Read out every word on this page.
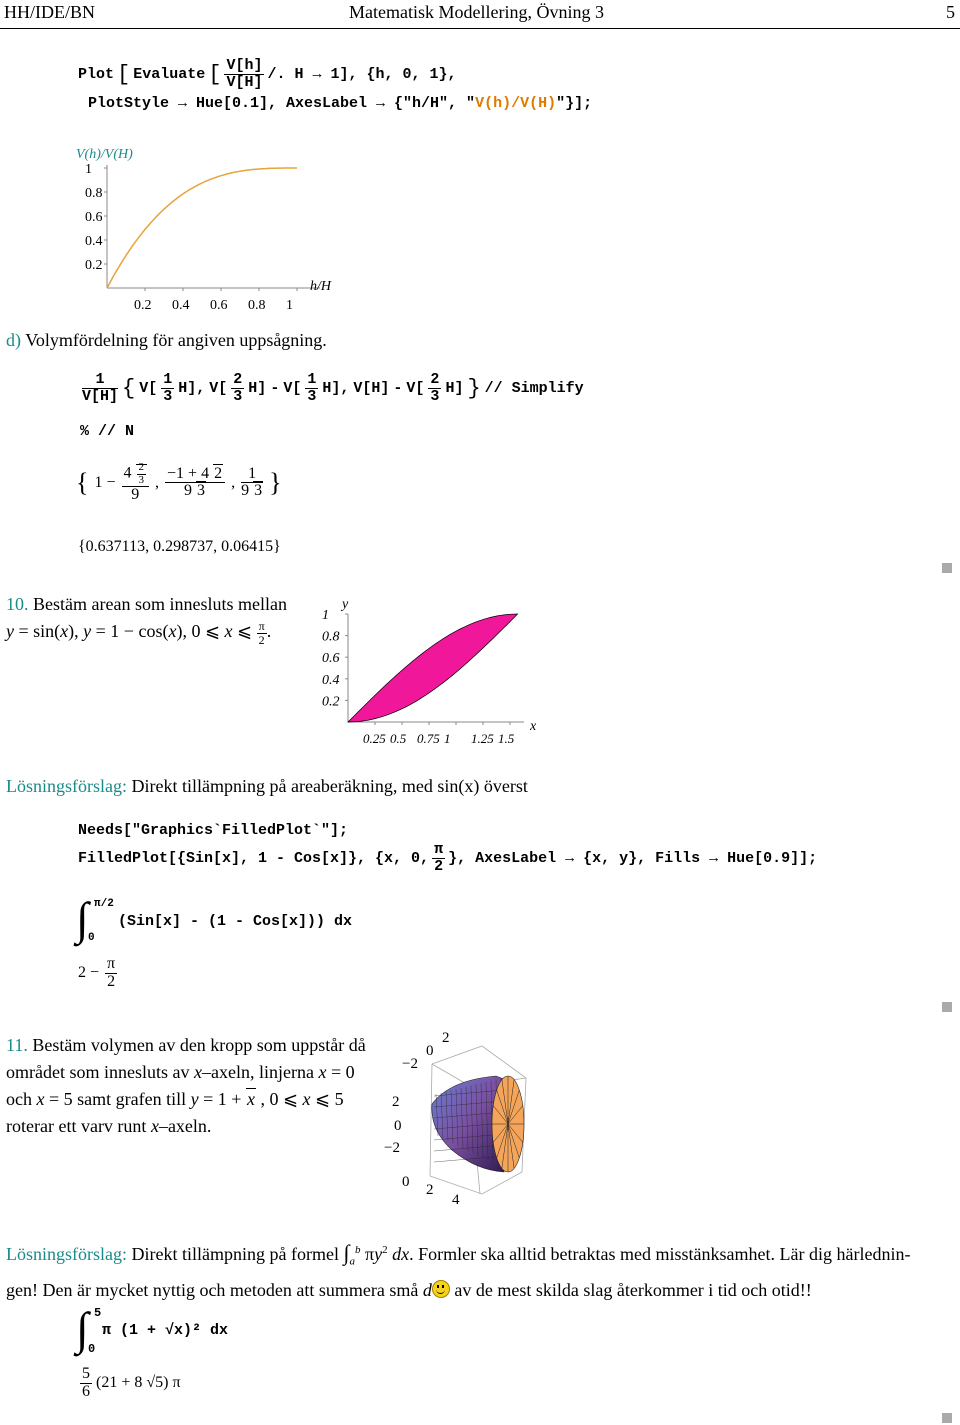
HH/IDE/BN	Matematisk Modellering, Övning 3	5
Plot [ Evaluate [ $\frac{V[h]}{V[H]}$ /. H → 1], {h, 0, 1},
PlotStyle → Hue[0.1], AxesLabel → {"h/H", "V(h)/V(H)"}];
V(h)/V(H)
1
0.8
0.6
0.4
0.2
0.2 0.4 0.6 0.8 1
h/H
d) Volymfördelning för angiven uppsågning.
$\frac{1}{V[H]}$ { $V[ \frac{1}{3} H]$, $V[ \frac{2}{3} H] - V[ \frac{1}{3} H]$, $V[H] - V[ \frac{2}{3} H]$ } // Simplify
% // N
{ $1 - \frac{4 \frac{2}{3}}{9}$ , $\frac{-1 + 4 2}{9 3}$ , $\frac{1}{9 3}$ }
{0.637113, 0.298737, 0.06415}
10. Bestäm arean som innesluts mellan
y = sin(x), y = 1 − cos(x), 0 ⩽ x ⩽ $\frac{\pi}{2}$ .
y
1
0.8
0.6
0.4
0.2
0.25 0.5 0.75 1 1.25 1.5
x
Lösningsförslag: Direkt tillämpning på areaberäkning, med sin(x) överst
Needs["Graphics`FilledPlot`"];
FilledPlot[{Sin[x], 1 - Cos[x]}, {x, 0, $\frac{\pi}{2}$ }, AxesLabel → {x, y}, Fills → Hue[0.9]];
∫ π/2
0
(Sin[x] - (1 - Cos[x])) dx
$2 - \frac{\pi}{2}$
11. Bestäm volymen av den kropp som uppstår då
området som innesluts av x–axeln, linjerna x = 0
och x = 5 samt grafen till y = 1 + x , 0 ⩽ x ⩽ 5
roterar ett varv runt x–axeln.
0
2
−2
2
0
−2
0 2
4
Lösningsförslag: Direkt tillämpning på formel $\int_a^b$ $\pi y^2$ dx. Formler ska alltid betraktas med misstänksamhet. Lär dig härlednin-
gen! Den är mycket nyttig och metoden att summera små d av de mest skilda slag återkommer i tid och otid!!
∫ 5
0
π (1 + √x)² dx
$\frac{5}{6} (21 + 8$ √5) π
